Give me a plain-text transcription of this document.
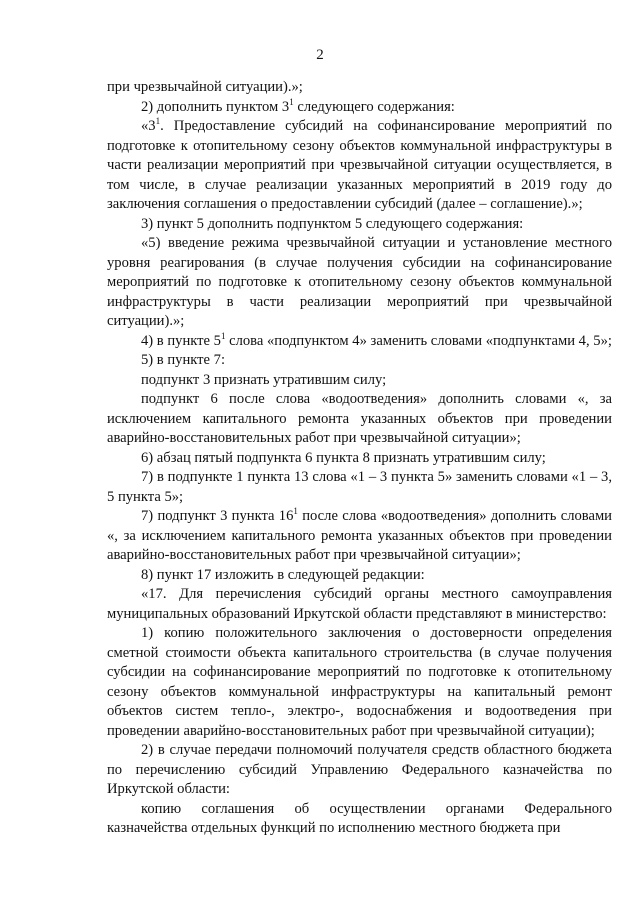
2

при чрезвычайной ситуации).»;

2) дополнить пунктом $3^1$ следующего содержания:

«$3^1$. Предоставление субсидий на софинансирование мероприятий по подготовке к отопительному сезону объектов коммунальной инфраструктуры в части реализации мероприятий при чрезвычайной ситуации осуществляется, в том числе, в случае реализации указанных мероприятий в 2019 году до заключения соглашения о предоставлении субсидий (далее – соглашение).»;

3) пункт 5 дополнить подпунктом 5 следующего содержания:

«5) введение режима чрезвычайной ситуации и установление местного уровня реагирования (в случае получения субсидии на софинансирование мероприятий по подготовке к отопительному сезону объектов коммунальной инфраструктуры в части реализации мероприятий при чрезвычайной ситуации).»;

4) в пункте $5^1$ слова «подпунктом 4» заменить словами «подпунктами 4, 5»;

5) в пункте 7:

подпункт 3 признать утратившим силу;

подпункт 6 после слова «водоотведения» дополнить словами «, за исключением капитального ремонта указанных объектов при проведении аварийно-восстановительных работ при чрезвычайной ситуации»;

6) абзац пятый подпункта 6 пункта 8 признать утратившим силу;

7) в подпункте 1 пункта 13 слова «1 – 3 пункта 5» заменить словами «1 – 3, 5 пункта 5»;

7) подпункт 3 пункта $16^1$ после слова «водоотведения» дополнить словами «, за исключением капитального ремонта указанных объектов при проведении аварийно-восстановительных работ при чрезвычайной ситуации»;

8) пункт 17 изложить в следующей редакции:

«17. Для перечисления субсидий органы местного самоуправления муниципальных образований Иркутской области представляют в министерство:

1) копию положительного заключения о достоверности определения сметной стоимости объекта капитального строительства (в случае получения субсидии на софинансирование мероприятий по подготовке к отопительному сезону объектов коммунальной инфраструктуры на капитальный ремонт объектов систем тепло-, электро-, водоснабжения и водоотведения при проведении аварийно-восстановительных работ при чрезвычайной ситуации);

2) в случае передачи полномочий получателя средств областного бюджета по перечислению субсидий Управлению Федерального казначейства по Иркутской области:

копию соглашения об осуществлении органами Федерального казначейства отдельных функций по исполнению местного бюджета при
